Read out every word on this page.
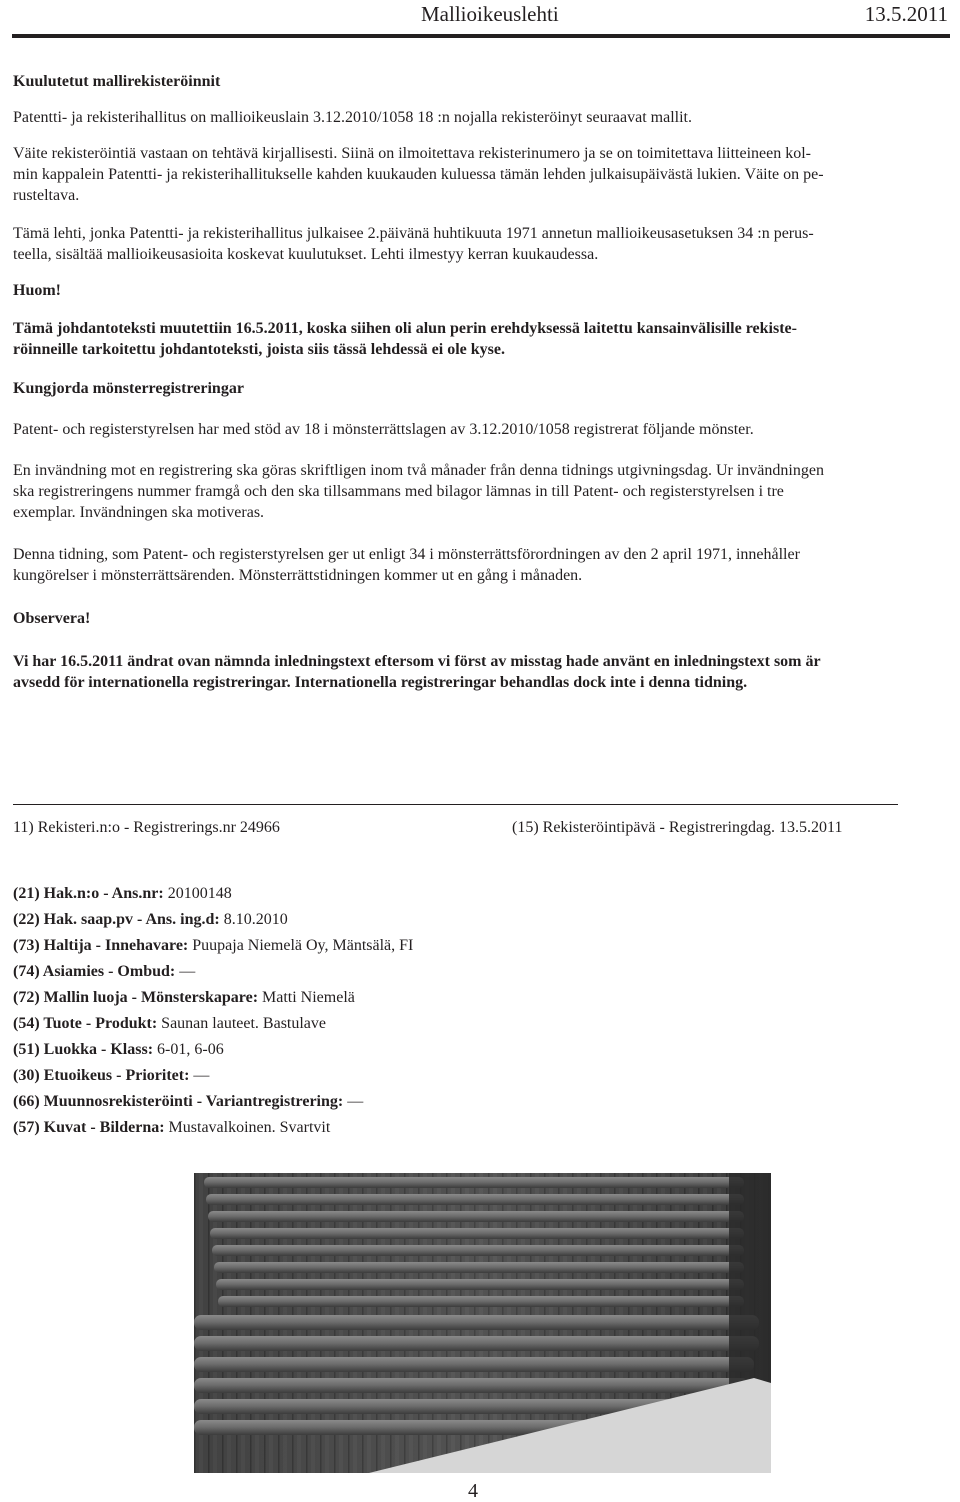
Mallioikeuslehti	13.5.2011

Kuulutetut mallirekisteröinnit

Patentti- ja rekisterihallitus on mallioikeuslain 3.12.2010/1058 18 :n nojalla rekisteröinyt seuraavat mallit.

Väite rekisteröintiä vastaan on tehtävä kirjallisesti. Siinä on ilmoitettava rekisterinumero ja se on toimitettava liitteineen kol-

min kappalein Patentti- ja rekisterihallitukselle kahden kuukauden kuluessa tämän lehden julkaisupäivästä lukien. Väite on pe-

rusteltava.

Tämä lehti, jonka Patentti- ja rekisterihallitus julkaisee 2.päivänä huhtikuuta 1971 annetun mallioikeusasetuksen 34 :n perus-

teella, sisältää mallioikeusasioita koskevat kuulutukset. Lehti ilmestyy kerran kuukaudessa.

Huom!

Tämä johdantoteksti muutettiin 16.5.2011, koska siihen oli alun perin erehdyksessä laitettu kansainvälisille rekiste-

röinneille tarkoitettu johdantoteksti, joista siis tässä lehdessä ei ole kyse.

Kungjorda mönsterregistreringar

Patent- och registerstyrelsen har med stöd av 18 i mönsterrättslagen av 3.12.2010/1058 registrerat följande mönster.

En invändning mot en registrering ska göras skriftligen inom två månader från denna tidnings utgivningsdag. Ur invändningen

ska registreringens nummer framgå och den ska tillsammans med bilagor lämnas in till Patent- och registerstyrelsen i tre

exemplar. Invändningen ska motiveras.

Denna tidning, som Patent- och registerstyrelsen ger ut enligt 34 i mönsterrättsförordningen av den 2 april 1971, innehåller

kungörelser i mönsterrättsärenden. Mönsterrättstidningen kommer ut en gång i månaden.

Observera!

Vi har 16.5.2011 ändrat ovan nämnda inledningstext eftersom vi först av misstag hade använt en inledningstext som är

avsedd för internationella registreringar. Internationella registreringar behandlas dock inte i denna tidning.

11) Rekisteri.n:o - Registrerings.nr 24966	(15) Rekisteröintipävä - Registreringdag. 13.5.2011
(21) Hak.n:o - Ans.nr: 20100148
(22) Hak. saap.pv - Ans. ing.d: 8.10.2010
(73) Haltija - Innehavare: Puupaja Niemelä Oy, Mäntsälä, FI
(74) Asiamies - Ombud: —
(72) Mallin luoja - Mönsterskapare: Matti Niemelä
(54) Tuote - Produkt: Saunan lauteet. Bastulave
(51) Luokka - Klass: 6-01, 6-06
(30) Etuoikeus - Prioritet: —
(66) Muunnosrekisteröinti - Variantregistrering: —
(57) Kuvat - Bilderna: Mustavalkoinen. Svartvit
4
